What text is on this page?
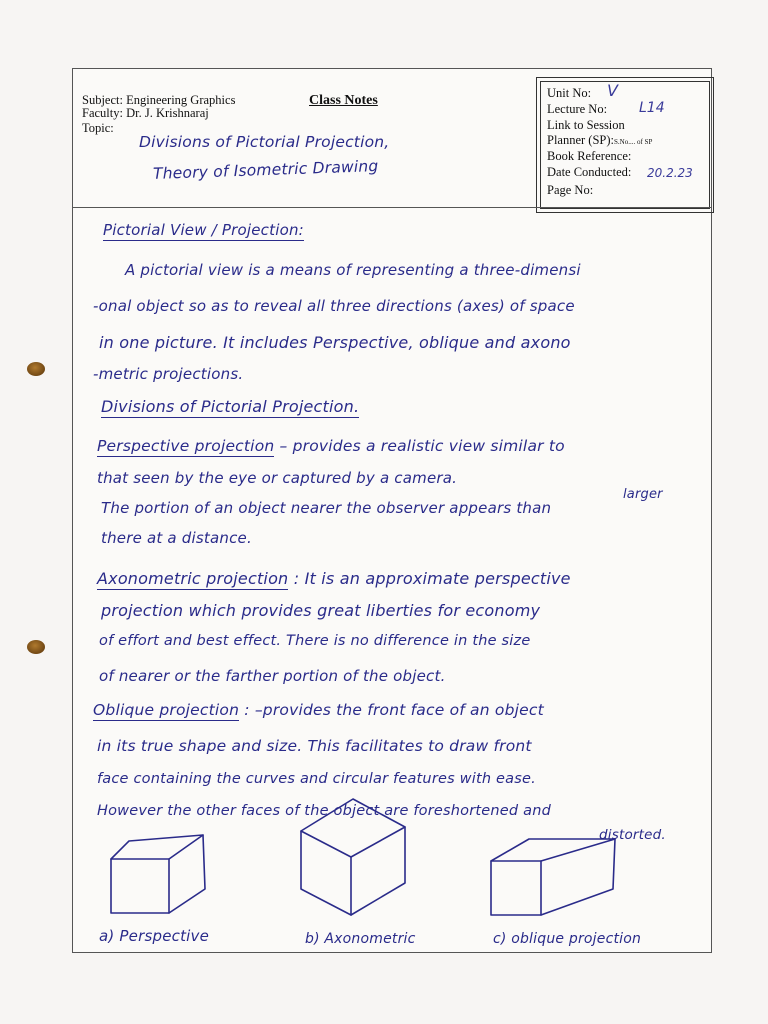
Subject: Engineering Graphics
Faculty: Dr. J. Krishnaraj
Topic:
Class Notes
Divisions of Pictorial Projection,
Theory of Isometric Drawing
Unit No: V
Lecture No: L14
Link to Session
Planner (SP):S.No.... of SP
Book Reference:
Date Conducted: 20.2.23
Page No:
Pictorial View / Projection:
A pictorial view is a means of representing a three-dimensi
-onal object so as to reveal all three directions (axes) of space
in one picture. It includes Perspective, oblique and axono
-metric projections.
Divisions of Pictorial Projection.
Perspective projection – provides a realistic view similar to
that seen by the eye or captured by a camera.
larger
The portion of an object nearer the observer appears than
there at a distance.
Axonometric projection : It is an approximate perspective
projection which provides great liberties for economy
of effort and best effect. There is no difference in the size
of nearer or the farther portion of the object.
Oblique projection : –provides the front face of an object
in its true shape and size. This facilitates to draw front
face containing the curves and circular features with ease.
However the other faces of the object are foreshortened and
distorted.
a) Perspective	b) Axonometric	c) oblique projection
